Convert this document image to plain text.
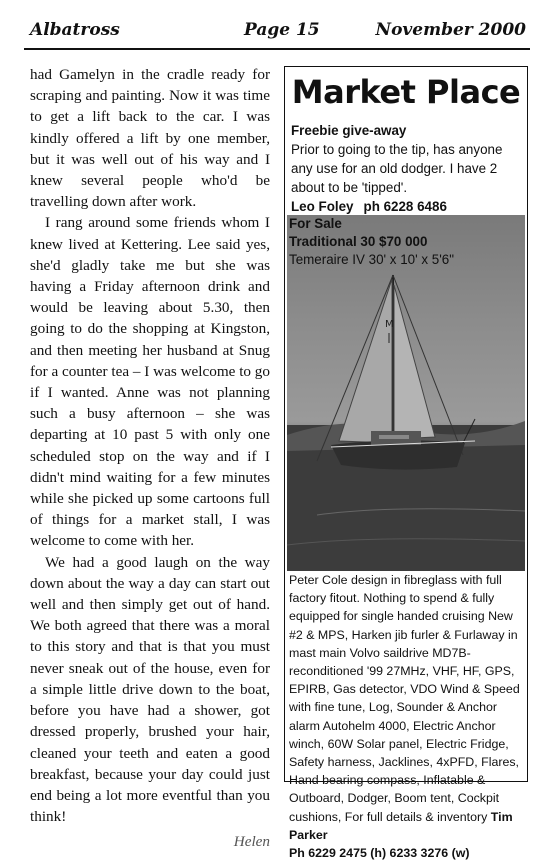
Albatross	Page 15	November 2000

had Gamelyn in the cradle ready for scraping and painting. Now it was time to get a lift back to the car. I was kindly offered a lift by one member, but it was well out of his way and I knew several people who'd be travelling down after work.

I rang around some friends whom I knew lived at Kettering. Lee said yes, she'd gladly take me but she was having a Friday afternoon drink and would be leaving about 5.30, then going to do the shopping at Kingston, and then meeting her husband at Snug for a counter tea – I was welcome to go if I wanted. Anne was not planning such a busy afternoon – she was departing at 10 past 5 with only one scheduled stop on the way and if I didn't mind waiting for a few minutes while she picked up some cartoons full of things for a market stall, I was welcome to come with her.

We had a good laugh on the way down about the way a day can start out well and then simply get out of hand. We both agreed that there was a moral to this story and that is that you must never sneak out of the house, even for a simple little drive down to the boat, before you have had a shower, got dressed properly, brushed your hair, cleaned your teeth and eaten a good breakfast, because your day could just end being a lot more eventful than you think!

Helen

Market Place
Freebie give-away
Prior to going to the tip, has anyone any use for an old dodger. I have 2 about to be 'tipped'.
Leo Foley ph 6228 6486
M
For Sale
Traditional 30 $70 000
Temeraire IV 30' x 10' x 5'6"
Peter Cole design in fibreglass with full factory fitout. Nothing to spend & fully equipped for single handed cruising New #2 & MPS, Harken jib furler & Furlaway in mast main Volvo saildrive MD7B-reconditioned '99 27MHz, VHF, HF, GPS, EPIRB, Gas detector, VDO Wind & Speed with fine tune, Log, Sounder & Anchor alarm Autohelm 4000, Electric Anchor winch, 60W Solar panel, Electric Fridge, Safety harness, Jacklines, 4xPFD, Flares, Hand bearing compass, Inflatable & Outboard, Dodger, Boom tent, Cockpit cushions, For full details & inventory Tim Parker
Ph 6229 2475 (h) 6233 3276 (w)
